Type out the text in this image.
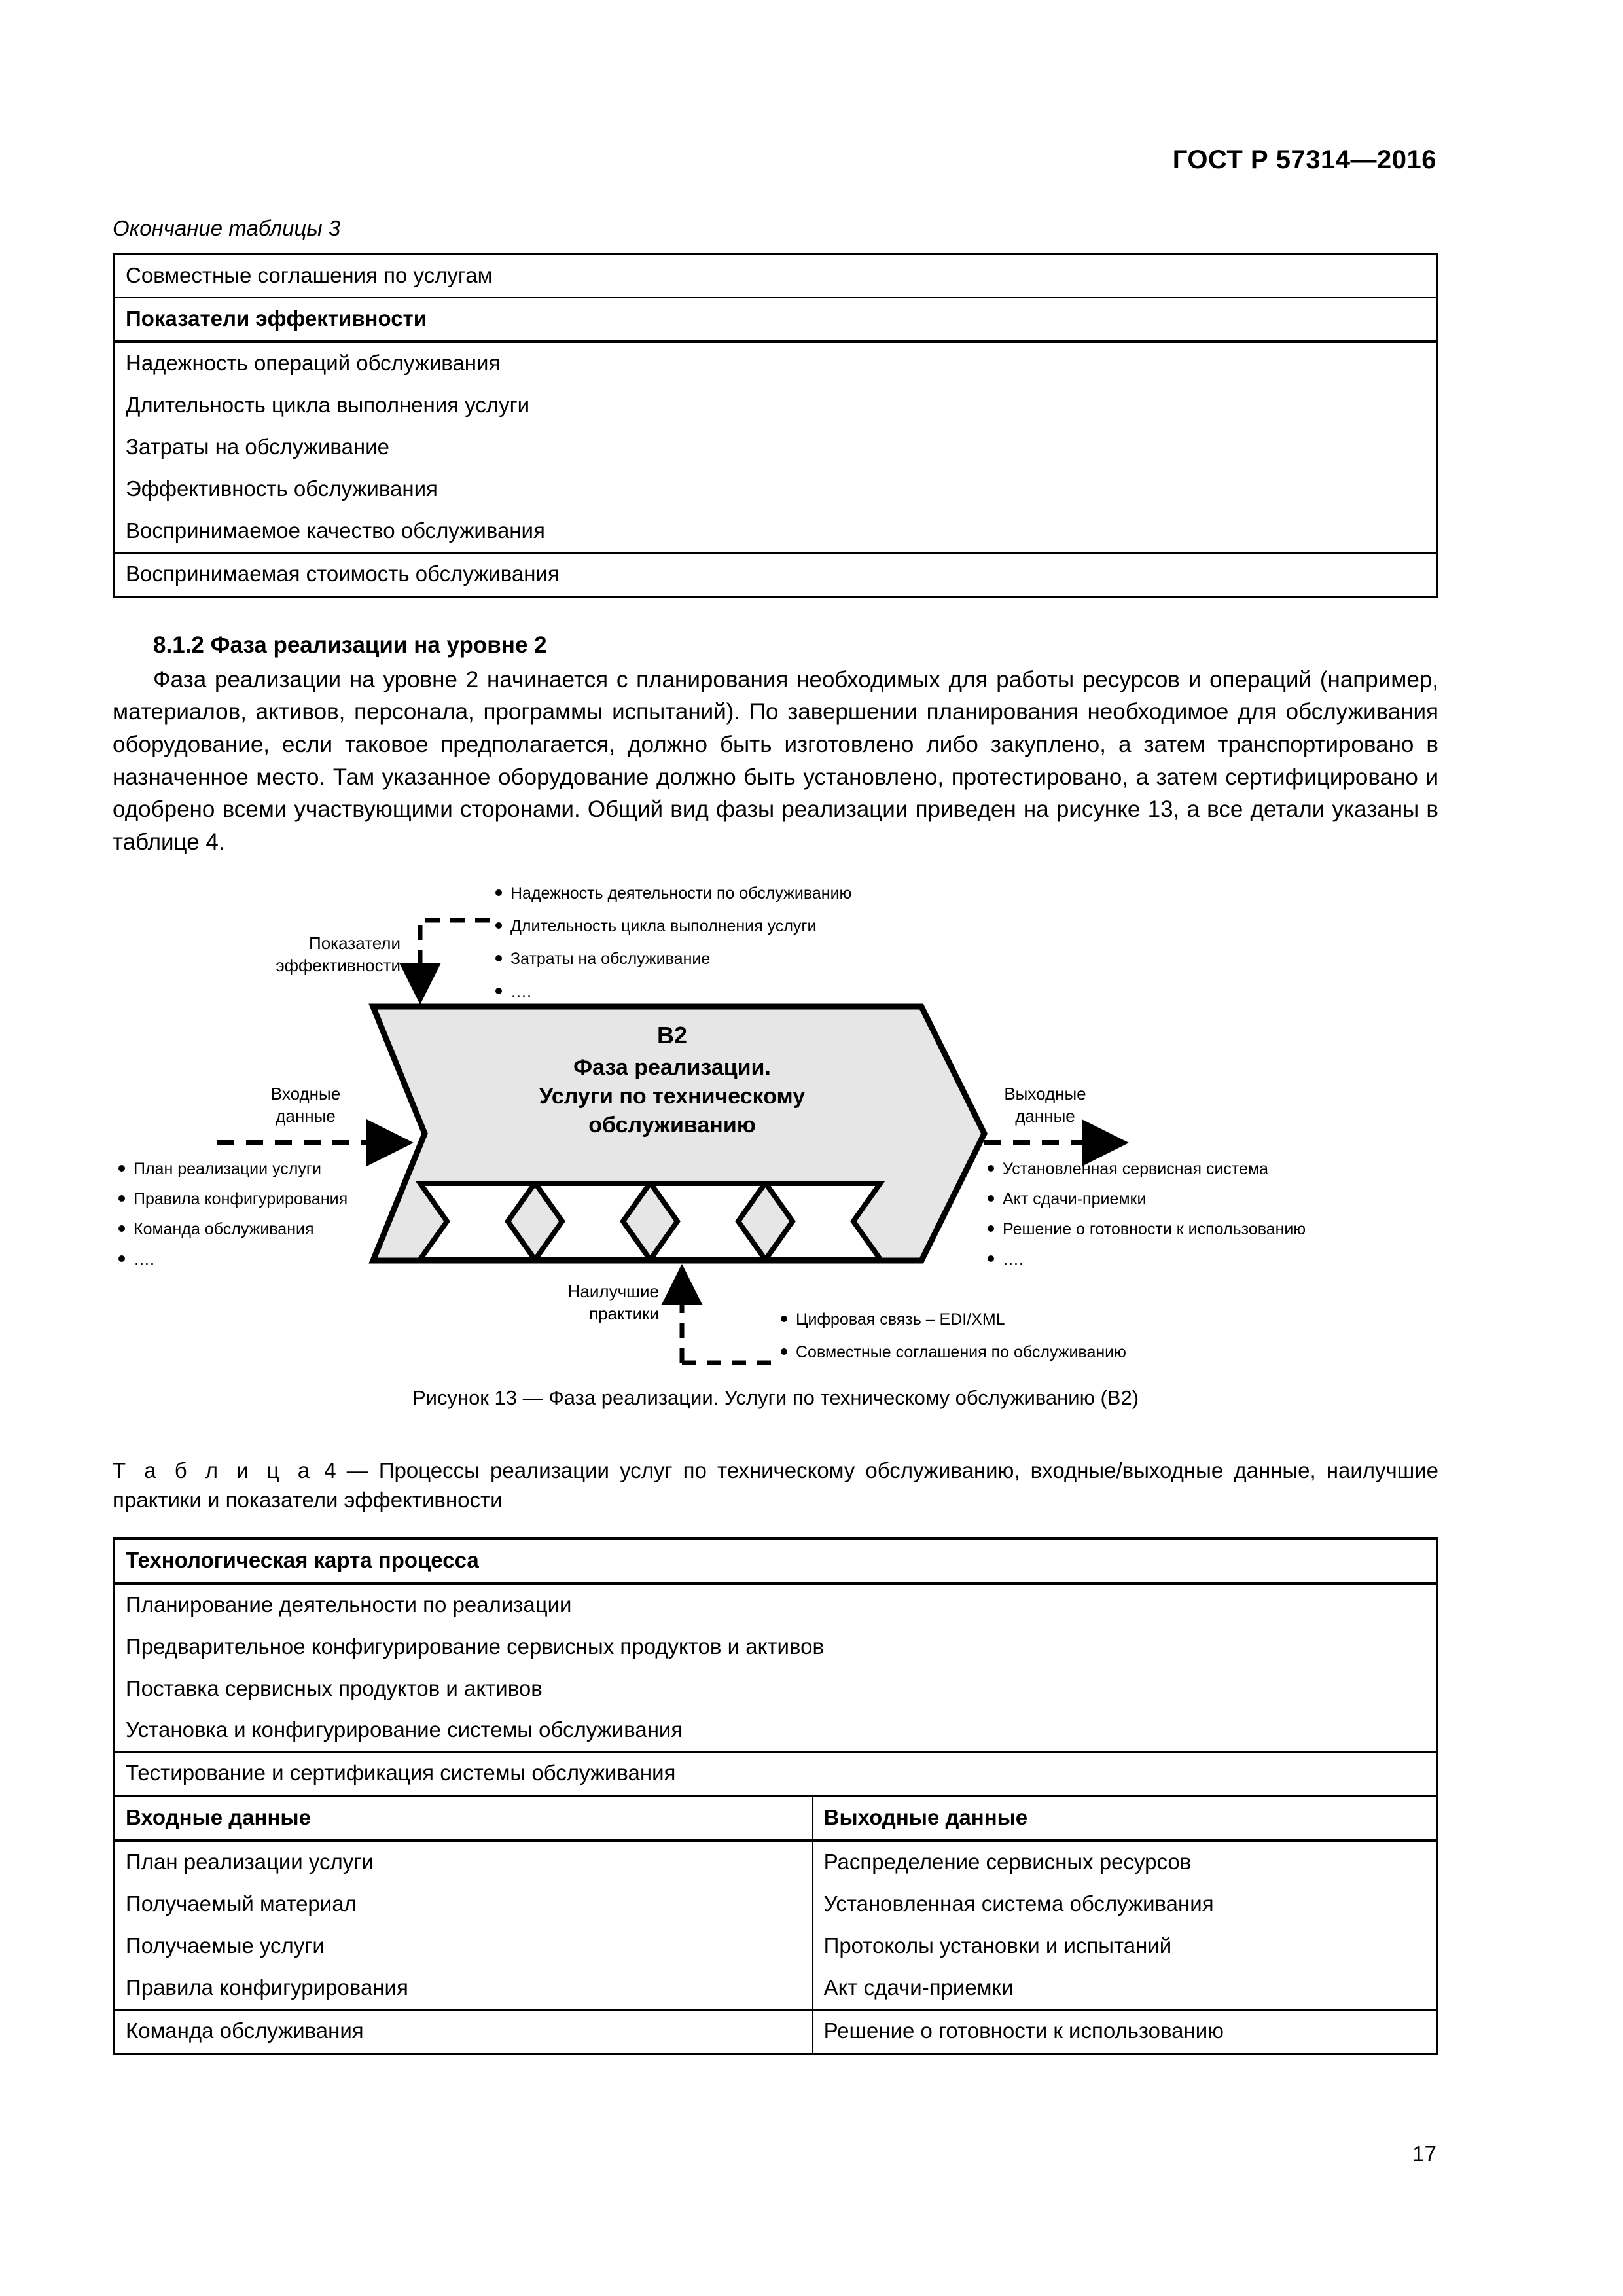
ГОСТ Р 57314—2016
Окончание таблицы 3
Совместные соглашения по услугам
Показатели эффективности
Надежность операций обслуживания
Длительность цикла выполнения услуги
Затраты на обслуживание
Эффективность обслуживания
Воспринимаемое качество обслуживания
Воспринимаемая стоимость обслуживания
8.1.2 Фаза реализации на уровне 2

Фаза реализации на уровне 2 начинается с планирования необходимых для работы ресурсов и операций (например, материалов, активов, персонала, программы испытаний). По завершении планирования необходимое для обслуживания оборудование, если таковое предполагается, должно быть изготовлено либо закуплено, а затем транспортировано в назначенное место. Там указанное оборудование должно быть установлено, протестировано, а затем сертифицировано и одобрено всеми участвующими сторонами. Общий вид фазы реализации приведен на рисунке 13, а все детали указаны в таблице 4.

Надежность деятельности по обслуживанию
Длительность цикла выполнения услуги
Затраты на обслуживание
….
Показатели
эффективности
B2
Фаза реализации.
Услуги по техническому
обслуживанию
Входные
данные
План реализации услуги
Правила конфигурирования
Команда обслуживания
….
Выходные
данные
Установленная сервисная система
Акт сдачи-приемки
Решение о готовности к использованию
….
Наилучшие
практики	Цифровая связь – EDI/XML
Совместные соглашения по обслуживанию
Рисунок 13 — Фаза реализации. Услуги по техническому обслуживанию (B2)
Т а б л и ц а 4 — Процессы реализации услуг по техническому обслуживанию, входные/выходные данные, наилучшие практики и показатели эффективности
Технологическая карта процесса	
Планирование деятельности по реализации	
Предварительное конфигурирование сервисных продуктов и активов	
Поставка сервисных продуктов и активов	
Установка и конфигурирование системы обслуживания	
Тестирование и сертификация системы обслуживания	
Входные данные	Выходные данные
План реализации услуги	Распределение сервисных ресурсов
Получаемый материал	Установленная система обслуживания
Получаемые услуги	Протоколы установки и испытаний
Правила конфигурирования	Акт сдачи-приемки
Команда обслуживания	Решение о готовности к использованию
17
